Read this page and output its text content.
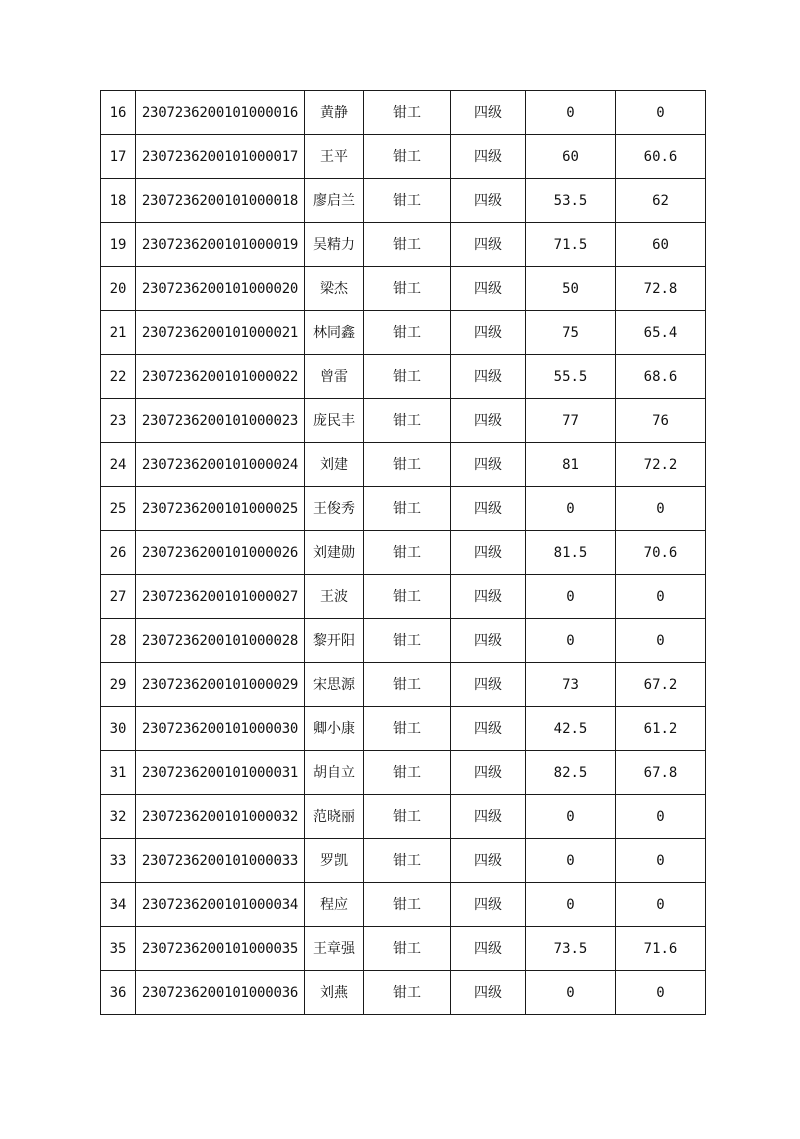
16	2307236200101000016	黄静	钳工	四级	0	0
17	2307236200101000017	王平	钳工	四级	60	60.6
18	2307236200101000018	廖启兰	钳工	四级	53.5	62
19	2307236200101000019	吴精力	钳工	四级	71.5	60
20	2307236200101000020	梁杰	钳工	四级	50	72.8
21	2307236200101000021	林同鑫	钳工	四级	75	65.4
22	2307236200101000022	曾雷	钳工	四级	55.5	68.6
23	2307236200101000023	庞民丰	钳工	四级	77	76
24	2307236200101000024	刘建	钳工	四级	81	72.2
25	2307236200101000025	王俊秀	钳工	四级	0	0
26	2307236200101000026	刘建勋	钳工	四级	81.5	70.6
27	2307236200101000027	王波	钳工	四级	0	0
28	2307236200101000028	黎开阳	钳工	四级	0	0
29	2307236200101000029	宋思源	钳工	四级	73	67.2
30	2307236200101000030	卿小康	钳工	四级	42.5	61.2
31	2307236200101000031	胡自立	钳工	四级	82.5	67.8
32	2307236200101000032	范晓丽	钳工	四级	0	0
33	2307236200101000033	罗凯	钳工	四级	0	0
34	2307236200101000034	程应	钳工	四级	0	0
35	2307236200101000035	王章强	钳工	四级	73.5	71.6
36	2307236200101000036	刘燕	钳工	四级	0	0
